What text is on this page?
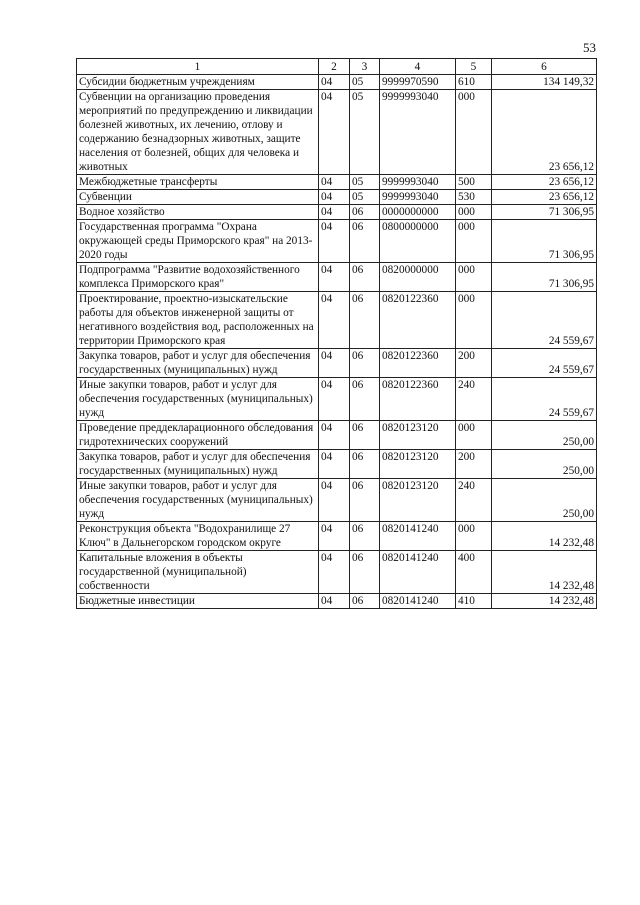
53
1	2	3	4	5	6
Субсидии бюджетным учреждениям	04	05	9999970590	610	134 149,32
Субвенции на организацию проведения мероприятий по предупреждению и ликвидации болезней животных, их лечению, отлову и содержанию безнадзорных животных, защите населения от болезней, общих для человека и животных	04	05	9999993040	000	23 656,12
Межбюджетные трансферты	04	05	9999993040	500	23 656,12
Субвенции	04	05	9999993040	530	23 656,12
Водное хозяйство	04	06	0000000000	000	71 306,95
Государственная программа "Охрана окружающей среды Приморского края" на 2013-2020 годы	04	06	0800000000	000	71 306,95
Подпрограмма "Развитие водохозяйственного комплекса Приморского края"	04	06	0820000000	000	71 306,95
Проектирование, проектно-изыскательские работы для объектов инженерной защиты от негативного воздействия вод, расположенных на территории Приморского края	04	06	0820122360	000	24 559,67
Закупка товаров, работ и услуг для обеспечения государственных (муниципальных) нужд	04	06	0820122360	200	24 559,67
Иные закупки товаров, работ и услуг для обеспечения государственных (муниципальных) нужд	04	06	0820122360	240	24 559,67
Проведение преддекларационного обследования гидротехнических сооружений	04	06	0820123120	000	250,00
Закупка товаров, работ и услуг для обеспечения государственных (муниципальных) нужд	04	06	0820123120	200	250,00
Иные закупки товаров, работ и услуг для обеспечения государственных (муниципальных) нужд	04	06	0820123120	240	250,00
Реконструкция объекта "Водохранилище 27 Ключ" в Дальнегорском городском округе	04	06	0820141240	000	14 232,48
Капитальные вложения в объекты государственной (муниципальной) собственности	04	06	0820141240	400	14 232,48
Бюджетные инвестиции	04	06	0820141240	410	14 232,48
